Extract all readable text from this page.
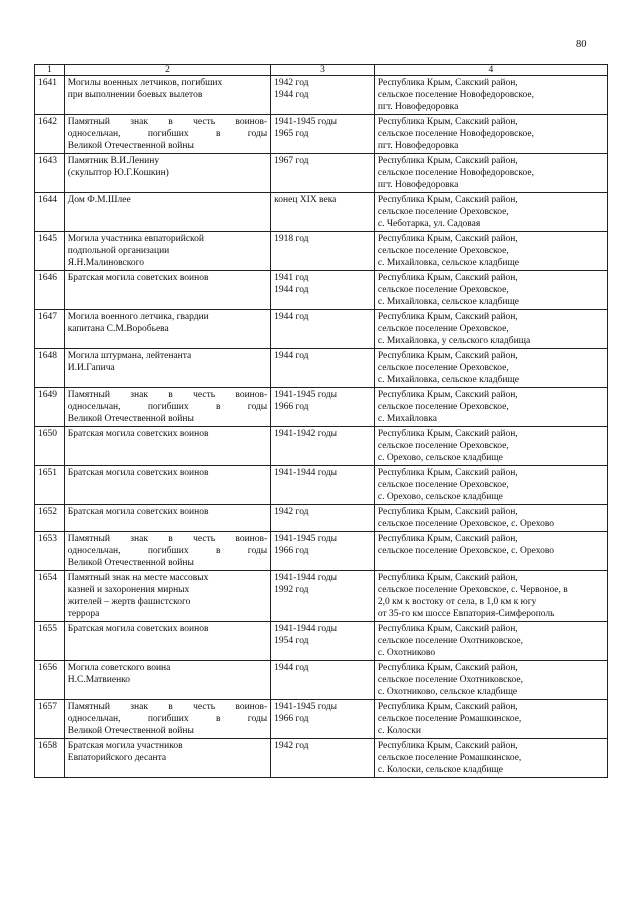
80
1	2	3	4
1641	Могилы военных летчиков, погибших
при выполнении боевых вылетов	1942 год
1944 год	Республика Крым, Сакский район,
сельское поселение Новофедоровское,
пгт. Новофедоровка

1642	Памятный знак в честь воинов-
односельчан, погибших в годы
Великой Отечественной войны	1941-1945 годы
1965 год	Республика Крым, Сакский район,
сельское поселение Новофедоровское,
пгт. Новофедоровка

1643	Памятник В.И.Ленину
(скульптор Ю.Г.Кошкин)	1967 год	Республика Крым, Сакский район,
сельское поселение Новофедоровское,
пгт. Новофедоровка

1644	Дом Ф.М.Шлее	конец XIX века	Республика Крым, Сакский район,
сельское поселение Ореховское,
с. Чеботарка, ул. Садовая

1645	Могила участника евпаторийской
подпольной организации
Я.Н.Малиновского	1918 год	Республика Крым, Сакский район,
сельское поселение Ореховское,
с. Михайловка, сельское кладбище

1646	Братская могила советских воинов	1941 год
1944 год	Республика Крым, Сакский район,
сельское поселение Ореховское,
с. Михайловка, сельское кладбище

1647	Могила военного летчика, гвардии
капитана С.М.Воробьева	1944 год	Республика Крым, Сакский район,
сельское поселение Ореховское,
с. Михайловка, у сельского кладбища

1648	Могила штурмана, лейтенанта
И.И.Гапича	1944 год	Республика Крым, Сакский район,
сельское поселение Ореховское,
с. Михайловка, сельское кладбище

1649	Памятный знак в честь воинов-
односельчан, погибших в годы
Великой Отечественной войны	1941-1945 годы
1966 год	Республика Крым, Сакский район,
сельское поселение Ореховское,
с. Михайловка

1650	Братская могила советских воинов	1941-1942 годы	Республика Крым, Сакский район,
сельское поселение Ореховское,
с. Орехово, сельское кладбище

1651	Братская могила советских воинов	1941-1944 годы	Республика Крым, Сакский район,
сельское поселение Ореховское,
с. Орехово, сельское кладбище

1652	Братская могила советских воинов	1942 год	Республика Крым, Сакский район,
сельское поселение Ореховское, с. Орехово

1653	Памятный знак в честь воинов-
односельчан, погибших в годы
Великой Отечественной войны	1941-1945 годы
1966 год	Республика Крым, Сакский район,
сельское поселение Ореховское, с. Орехово

1654	Памятный знак на месте массовых
казней и захоронения мирных
жителей – жертв фашистского
террора	1941-1944 годы
1992 год	Республика Крым, Сакский район,
сельское поселение Ореховское, с. Червоное, в
2,0 км к востоку от села, в 1,0 км к югу
от 35-го км шоссе Евпатория-Симферополь

1655	Братская могила советских воинов	1941-1944 годы
1954 год	Республика Крым, Сакский район,
сельское поселение Охотниковское,
с. Охотниково

1656	Могила советского воина
Н.С.Матвиенко	1944 год	Республика Крым, Сакский район,
сельское поселение Охотниковское,
с. Охотниково, сельское кладбище

1657	Памятный знак в честь воинов-
односельчан, погибших в годы
Великой Отечественной войны	1941-1945 годы
1966 год	Республика Крым, Сакский район,
сельское поселение Ромашкинское,
с. Колоски

1658	Братская могила участников
Евпаторийского десанта	1942 год	Республика Крым, Сакский район,
сельское поселение Ромашкинское,
с. Колоски, сельское кладбище
